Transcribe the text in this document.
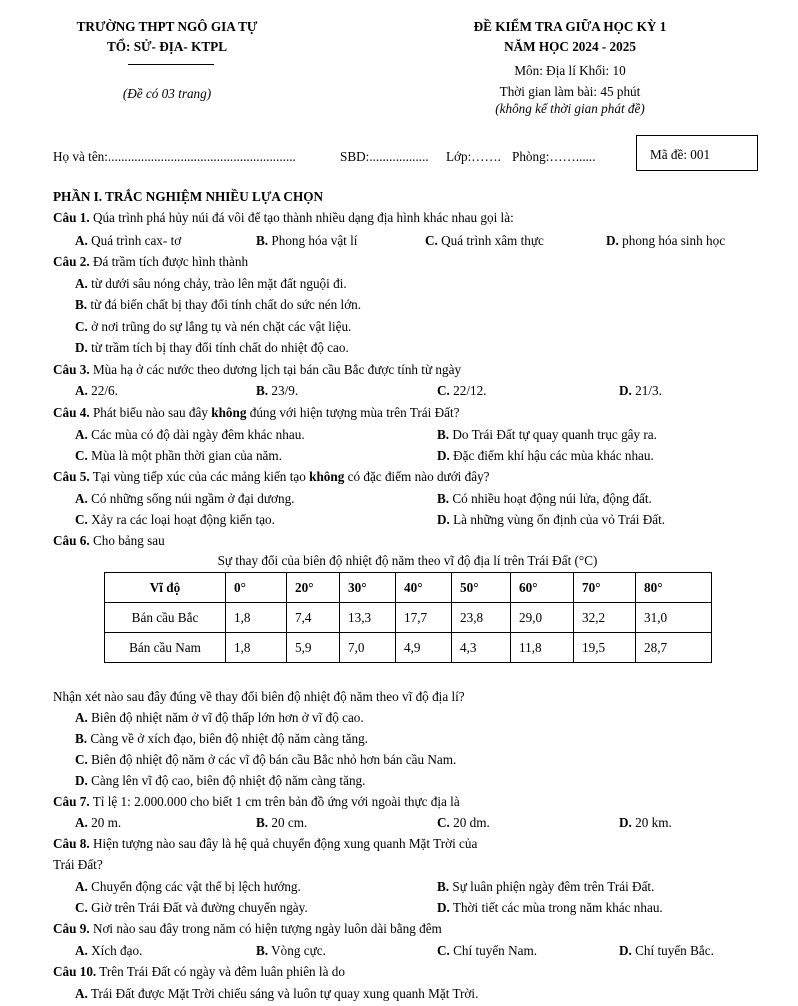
TRƯỜNG THPT NGÔ GIA TỰ
TỔ: SỬ- ĐỊA- KTPL
(Đề có 03 trang)
ĐỀ KIỂM TRA GIỮA HỌC KỲ 1
NĂM HỌC 2024 - 2025
Môn: Địa lí Khối: 10
Thời gian làm bài: 45 phút
(không kể thời gian phát đề)
Họ và tên:.........................................................	SBD:.................. Lớp:……. Phòng:……......	Mã đề: 001
PHẦN I. TRẮC NGHIỆM NHIỀU LỰA CHỌN
Câu 1. Qúa trình phá hủy núi đá vôi để tạo thành nhiều dạng địa hình khác nhau gọi là:
A. Quá trình cax- tơ	B. Phong hóa vật lí	C. Quá trình xâm thực	D. phong hóa sinh học
Câu 2. Đá trầm tích được hình thành
A. từ dưới sâu nóng chảy, trào lên mặt đất nguội đi.
B. từ đá biến chất bị thay đổi tính chất do sức nén lớn.
C. ở nơi trũng do sự lắng tụ và nén chặt các vật liệu.
D. từ trầm tích bị thay đổi tính chất do nhiệt độ cao.
Câu 3. Mùa hạ ở các nước theo dương lịch tại bán cầu Bắc được tính từ ngày
A. 22/6.	B. 23/9.	C. 22/12.	D. 21/3.
Câu 4. Phát biểu nào sau đây không đúng với hiện tượng mùa trên Trái Đất?
A. Các mùa có độ dài ngày đêm khác nhau.	B. Do Trái Đất tự quay quanh trục gây ra.
C. Mùa là một phần thời gian của năm.	D. Đặc điểm khí hậu các mùa khác nhau.
Câu 5. Tại vùng tiếp xúc của các mảng kiến tạo không có đặc điểm nào dưới đây?
A. Có những sống núi ngầm ở đại dương.	B. Có nhiều hoạt động núi lửa, động đất.
C. Xảy ra các loại hoạt động kiến tạo.	D. Là những vùng ổn định của vỏ Trái Đất.
Câu 6. Cho bảng sau
Sự thay đổi của biên độ nhiệt độ năm theo vĩ độ địa lí trên Trái Đất (°C)
Vĩ độ	0°	20°	30°	40°	50°	60°	70°	80°
Bán cầu Bắc	1,8	7,4	13,3	17,7	23,8	29,0	32,2	31,0
Bán cầu Nam	1,8	5,9	7,0	4,9	4,3	11,8	19,5	28,7
Nhận xét nào sau đây đúng về thay đổi biên độ nhiệt độ năm theo vĩ độ địa lí?
A. Biên độ nhiệt năm ở vĩ độ thấp lớn hơn ở vĩ độ cao.
B. Càng về ở xích đạo, biên độ nhiệt độ năm càng tăng.
C. Biên độ nhiệt độ năm ở các vĩ độ bán cầu Bắc nhỏ hơn bán cầu Nam.
D. Càng lên vĩ độ cao, biên độ nhiệt độ năm càng tăng.
Câu 7. Tỉ lệ 1: 2.000.000 cho biết 1 cm trên bản đồ ứng với ngoài thực địa là
A. 20 m.	B. 20 cm.	C. 20 dm.	D. 20 km.
Câu 8. Hiện tượng nào sau đây là hệ quả chuyển động xung quanh Mặt Trời của
Trái Đất?
A. Chuyển động các vật thể bị lệch hướng.	B. Sự luân phiện ngày đêm trên Trái Đất.
C. Giờ trên Trái Đất và đường chuyển ngày.	D. Thời tiết các mùa trong năm khác nhau.
Câu 9. Nơi nào sau đây trong năm có hiện tượng ngày luôn dài bằng đêm
A. Xích đạo.	B. Vòng cực.	C. Chí tuyến Nam.	D. Chí tuyến Bắc.
Câu 10. Trên Trái Đất có ngày và đêm luân phiên là do
A. Trái Đất được Mặt Trời chiếu sáng và luôn tự quay xung quanh Mặt Trời.
